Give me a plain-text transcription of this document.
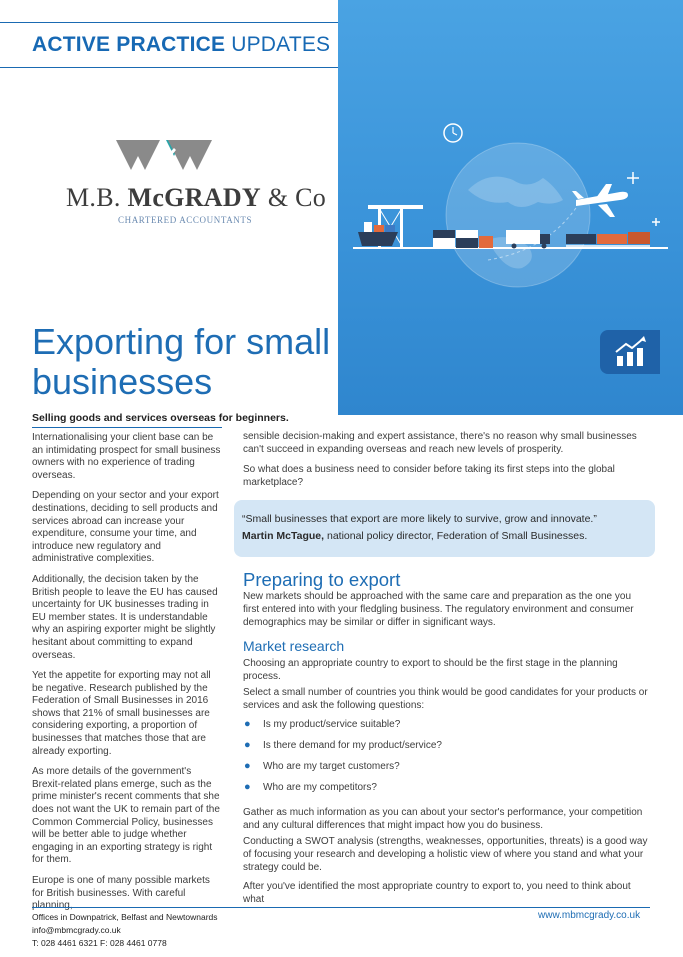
ACTIVE PRACTICE UPDATES
M.B. McGRADY & Co
CHARTERED ACCOUNTANTS
Exporting for small businesses
Selling goods and services overseas for beginners.

Internationalising your client base can be an intimidating prospect for small business owners with no experience of trading overseas.

Depending on your sector and your export destinations, deciding to sell products and services abroad can increase your expenditure, consume your time, and introduce new regulatory and administrative complexities.

Additionally, the decision taken by the British people to leave the EU has caused uncertainty for UK businesses trading in EU member states. It is understandable why an aspiring exporter might be slightly hesitant about committing to expand overseas.

Yet the appetite for exporting may not all be negative. Research published by the Federation of Small Businesses in 2016 shows that 21% of small businesses are considering exporting, a proportion of businesses that matches those that are already exporting.

As more details of the government's Brexit-related plans emerge, such as the prime minister's recent comments that she does not want the UK to remain part of the Common Commercial Policy, businesses will be better able to judge whether engaging in an exporting strategy is right for them.

Europe is one of many possible markets for British businesses. With careful planning,

sensible decision-making and expert assistance, there's no reason why small businesses can't succeed in expanding overseas and reach new levels of prosperity.

So what does a business need to consider before taking its first steps into the global marketplace?

“Small businesses that export are more likely to survive, grow and innovate.”
Martin McTague, national policy director, Federation of Small Businesses.
Preparing to export
New markets should be approached with the same care and preparation as the one you first entered into with your fledgling business. The regulatory environment and consumer demographics may be similar or differ in significant ways.
Market research

Choosing an appropriate country to export to should be the first stage in the planning process.

Select a small number of countries you think would be good candidates for your products or services and ask the following questions:

● Is my product/service suitable?
● Is there demand for my product/service?
● Who are my target customers?
● Who are my competitors?

Gather as much information as you can about your sector's performance, your competition and any cultural differences that might impact how you do business.

Conducting a SWOT analysis (strengths, weaknesses, opportunities, threats) is a good way of focusing your research and developing a holistic view of where you stand and what your strategy could be.

After you've identified the most appropriate country to export to, you need to think about what

Offices in Downpatrick, Belfast and Newtownards
info@mbmcgrady.co.uk
T: 028 4461 6321 F: 028 4461 0778
www.mbmcgrady.co.uk
